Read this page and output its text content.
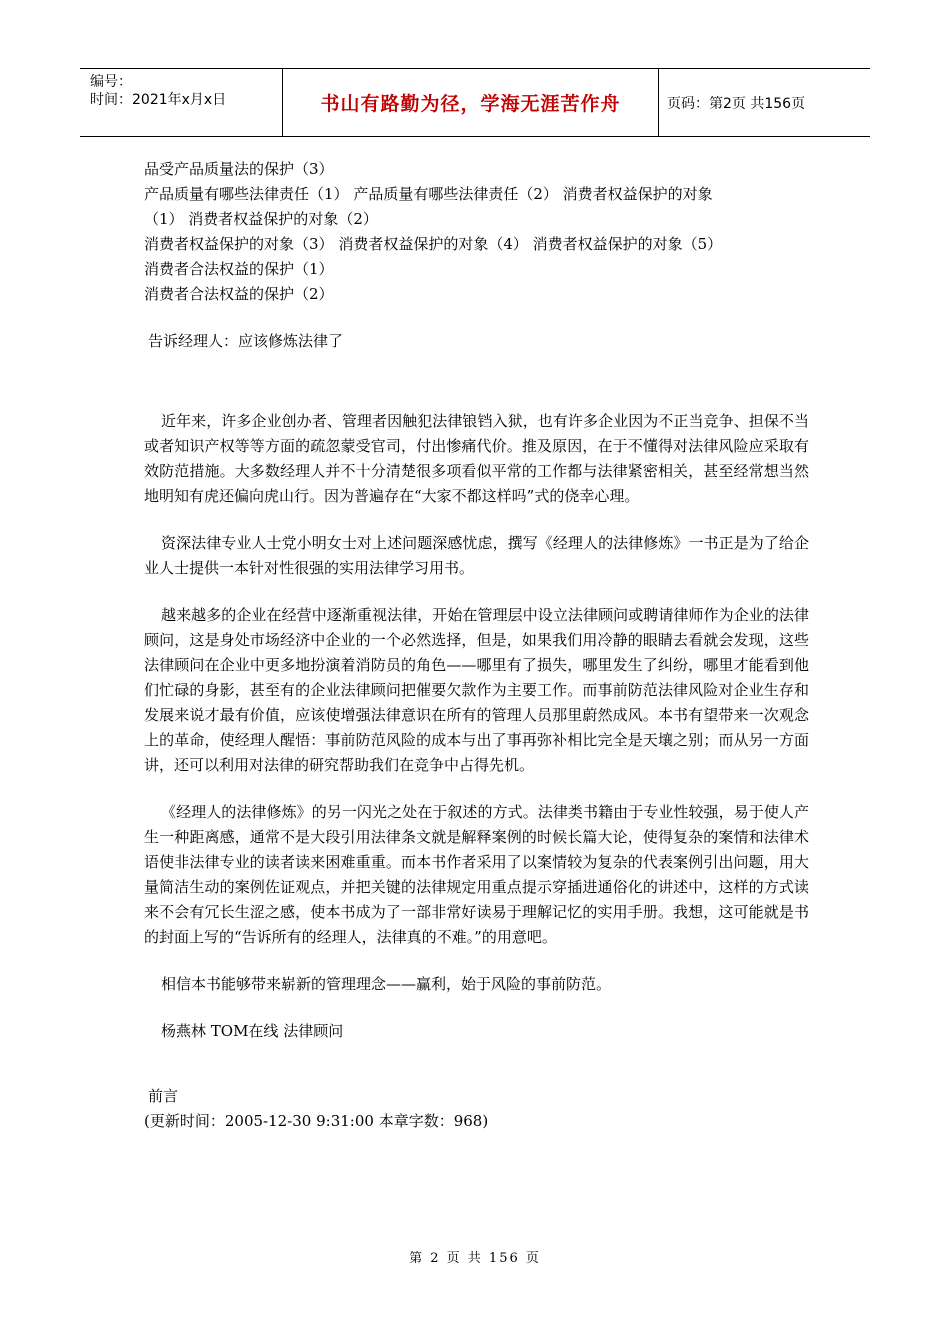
编号：
时间：2021年x月x日	书山有路勤为径，学海无涯苦作舟	页码：第2页 共156页

品受产品质量法的保护（3）

产品质量有哪些法律责任（1） 产品质量有哪些法律责任（2） 消费者权益保护的对象

（1） 消费者权益保护的对象（2）

消费者权益保护的对象（3） 消费者权益保护的对象（4） 消费者权益保护的对象（5）

消费者合法权益的保护（1）

消费者合法权益的保护（2）

告诉经理人：应该修炼法律了

近年来，许多企业创办者、管理者因触犯法律锒铛入狱，也有许多企业因为不正当竞争、担保不当或者知识产权等等方面的疏忽蒙受官司，付出惨痛代价。推及原因，在于不懂得对法律风险应采取有效防范措施。大多数经理人并不十分清楚很多项看似平常的工作都与法律紧密相关，甚至经常想当然地明知有虎还偏向虎山行。因为普遍存在“大家不都这样吗”式的侥幸心理。

资深法律专业人士党小明女士对上述问题深感忧虑，撰写《经理人的法律修炼》一书正是为了给企业人士提供一本针对性很强的实用法律学习用书。

越来越多的企业在经营中逐渐重视法律，开始在管理层中设立法律顾问或聘请律师作为企业的法律顾问，这是身处市场经济中企业的一个必然选择，但是，如果我们用冷静的眼睛去看就会发现，这些法律顾问在企业中更多地扮演着消防员的角色——哪里有了损失，哪里发生了纠纷，哪里才能看到他们忙碌的身影，甚至有的企业法律顾问把催要欠款作为主要工作。而事前防范法律风险对企业生存和发展来说才最有价值，应该使增强法律意识在所有的管理人员那里蔚然成风。本书有望带来一次观念上的革命，使经理人醒悟：事前防范风险的成本与出了事再弥补相比完全是天壤之别；而从另一方面讲，还可以利用对法律的研究帮助我们在竞争中占得先机。

《经理人的法律修炼》的另一闪光之处在于叙述的方式。法律类书籍由于专业性较强，易于使人产生一种距离感，通常不是大段引用法律条文就是解释案例的时候长篇大论，使得复杂的案情和法律术语使非法律专业的读者读来困难重重。而本书作者采用了以案情较为复杂的代表案例引出问题，用大量简洁生动的案例佐证观点，并把关键的法律规定用重点提示穿插进通俗化的讲述中，这样的方式读来不会有冗长生涩之感，使本书成为了一部非常好读易于理解记忆的实用手册。我想，这可能就是书的封面上写的“告诉所有的经理人，法律真的不难。”的用意吧。

相信本书能够带来崭新的管理理念——赢利，始于风险的事前防范。

杨燕林 TOM在线 法律顾问

前言

(更新时间：2005-12-30 9:31:00 本章字数：968)

第 2 页 共 156 页
